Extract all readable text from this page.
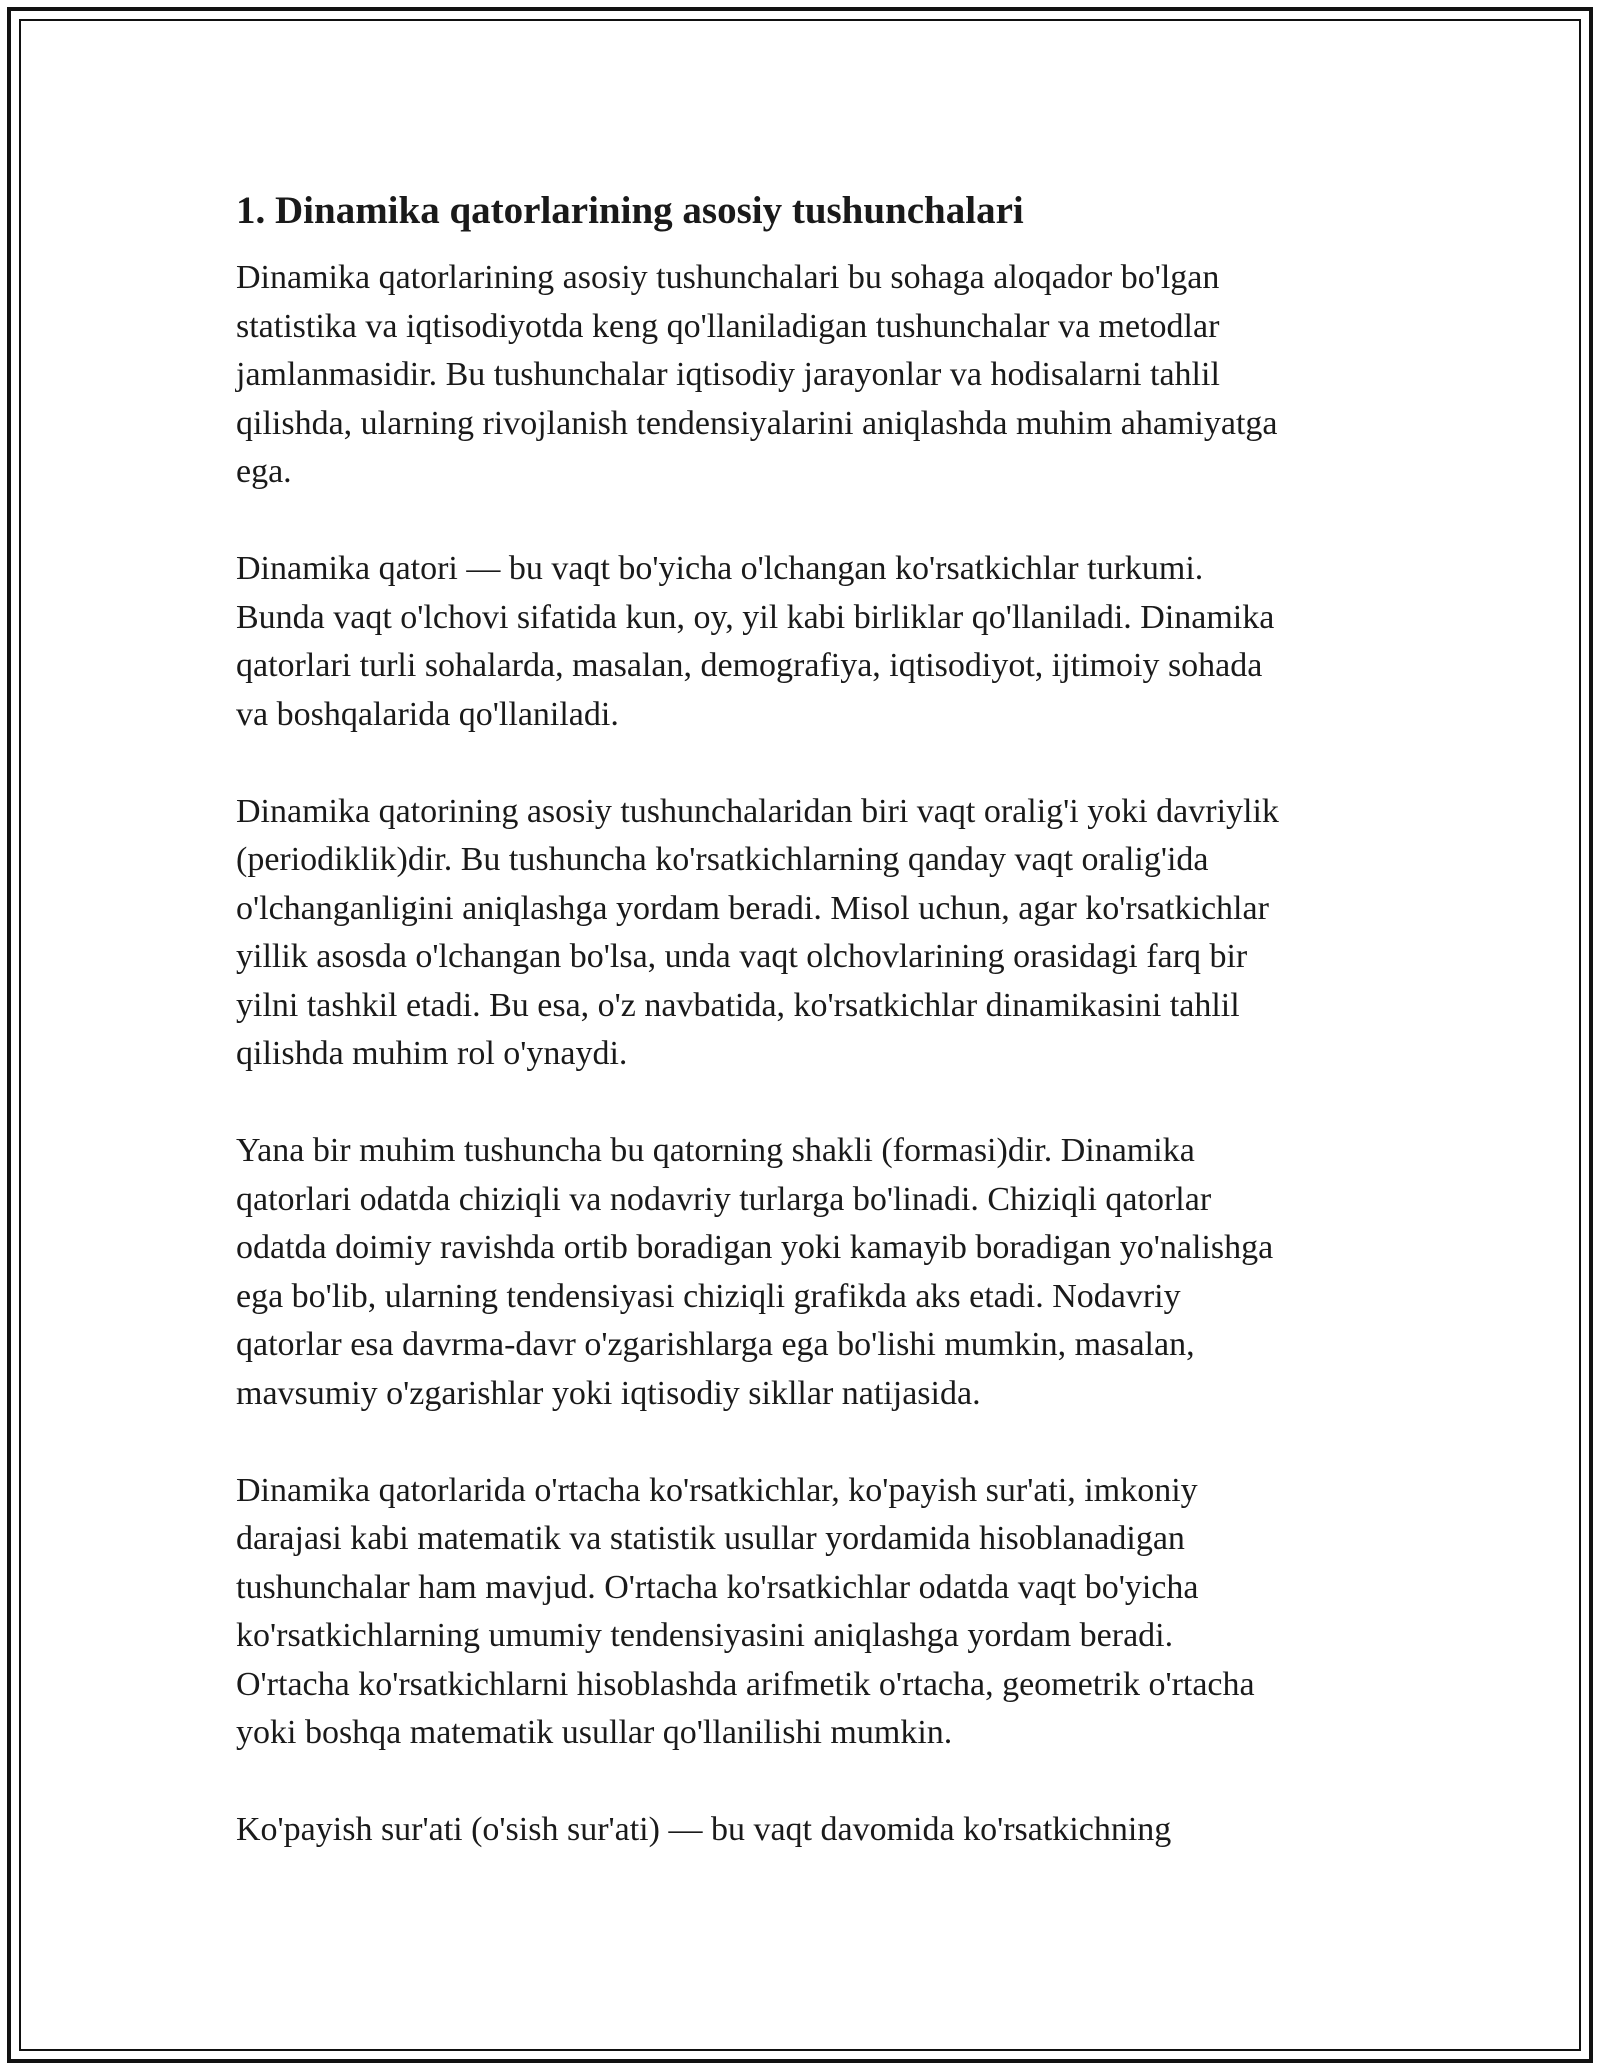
1. Dinamika qatorlarining asosiy tushunchalari
Dinamika qatorlarining asosiy tushunchalari bu sohaga aloqador bo'lgan
statistika va iqtisodiyotda keng qo'llaniladigan tushunchalar va metodlar
jamlanmasidir. Bu tushunchalar iqtisodiy jarayonlar va hodisalarni tahlil
qilishda, ularning rivojlanish tendensiyalarini aniqlashda muhim ahamiyatga
ega.
Dinamika qatori — bu vaqt bo'yicha o'lchangan ko'rsatkichlar turkumi.
Bunda vaqt o'lchovi sifatida kun, oy, yil kabi birliklar qo'llaniladi. Dinamika
qatorlari turli sohalarda, masalan, demografiya, iqtisodiyot, ijtimoiy sohada
va boshqalarida qo'llaniladi.
Dinamika qatorining asosiy tushunchalaridan biri vaqt oralig'i yoki davriylik
(periodiklik)dir. Bu tushuncha ko'rsatkichlarning qanday vaqt oralig'ida
o'lchanganligini aniqlashga yordam beradi. Misol uchun, agar ko'rsatkichlar
yillik asosda o'lchangan bo'lsa, unda vaqt olchovlarining orasidagi farq bir
yilni tashkil etadi. Bu esa, o'z navbatida, ko'rsatkichlar dinamikasini tahlil
qilishda muhim rol o'ynaydi.
Yana bir muhim tushuncha bu qatorning shakli (formasi)dir. Dinamika
qatorlari odatda chiziqli va nodavriy turlarga bo'linadi. Chiziqli qatorlar
odatda doimiy ravishda ortib boradigan yoki kamayib boradigan yo'nalishga
ega bo'lib, ularning tendensiyasi chiziqli grafikda aks etadi. Nodavriy
qatorlar esa davrma-davr o'zgarishlarga ega bo'lishi mumkin, masalan,
mavsumiy o'zgarishlar yoki iqtisodiy sikllar natijasida.
Dinamika qatorlarida o'rtacha ko'rsatkichlar, ko'payish sur'ati, imkoniy
darajasi kabi matematik va statistik usullar yordamida hisoblanadigan
tushunchalar ham mavjud. O'rtacha ko'rsatkichlar odatda vaqt bo'yicha
ko'rsatkichlarning umumiy tendensiyasini aniqlashga yordam beradi.
O'rtacha ko'rsatkichlarni hisoblashda arifmetik o'rtacha, geometrik o'rtacha
yoki boshqa matematik usullar qo'llanilishi mumkin.
Ko'payish sur'ati (o'sish sur'ati) — bu vaqt davomida ko'rsatkichning
